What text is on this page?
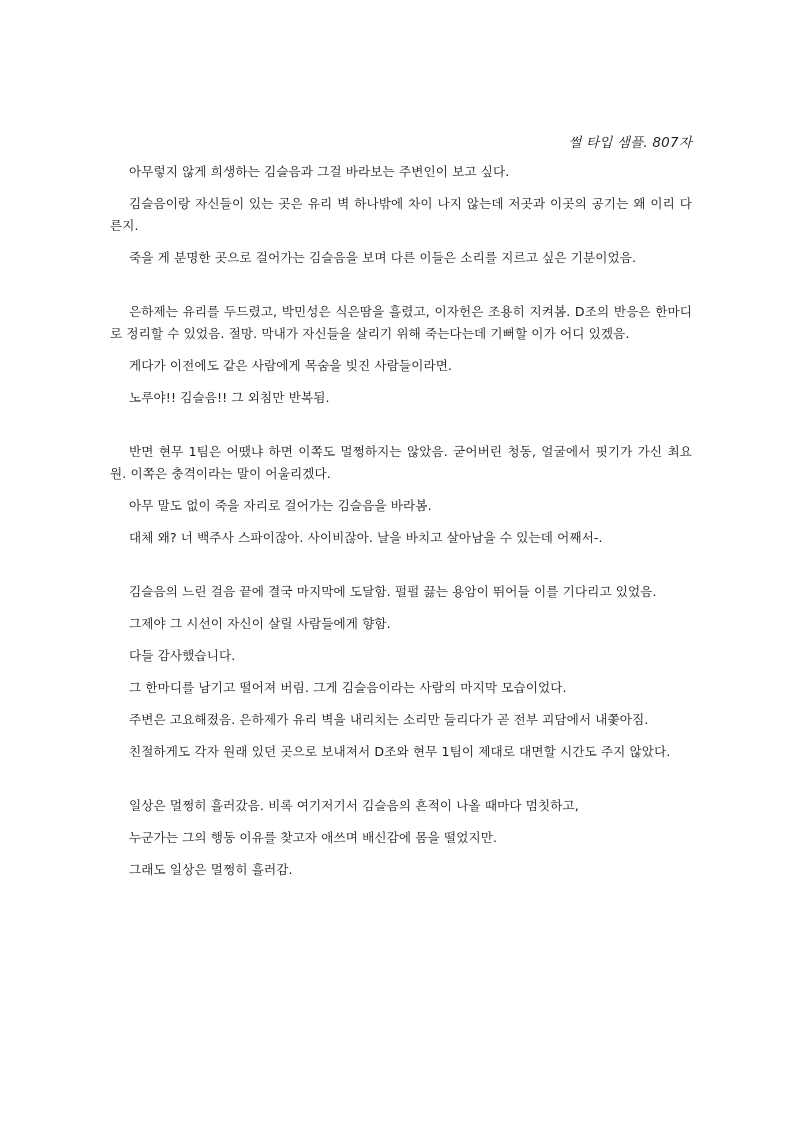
썰 타입 샘플. 807자

아무렇지 않게 희생하는 김슬음과 그걸 바라보는 주변인이 보고 싶다.

김슬음이랑 자신들이 있는 곳은 유리 벽 하나밖에 차이 나지 않는데 저곳과 이곳의 공기는 왜 이리 다른지.

죽을 게 분명한 곳으로 걸어가는 김슬음을 보며 다른 이들은 소리를 지르고 싶은 기분이었음.

은하제는 유리를 두드렸고, 박민성은 식은땀을 흘렸고, 이자헌은 조용히 지켜봄. D조의 반응은 한마디로 정리할 수 있었음. 절망. 막내가 자신들을 살리기 위해 죽는다는데 기뻐할 이가 어디 있겠음.

게다가 이전에도 같은 사람에게 목숨을 빚진 사람들이라면.

노루야!! 김슬음!! 그 외침만 반복됨.

반면 현무 1팀은 어땠냐 하면 이쪽도 멀쩡하지는 않았음. 굳어버린 청동, 얼굴에서 핏기가 가신 최요원. 이쪽은 충격이라는 말이 어울리겠다.

아무 말도 없이 죽을 자리로 걸어가는 김슬음을 바라봄.

대체 왜? 너 백주사 스파이잖아. 사이비잖아. 날을 바치고 살아남을 수 있는데 어째서-.

김슬음의 느린 걸음 끝에 결국 마지막에 도달함. 펄펄 끓는 용암이 뛰어들 이를 기다리고 있었음.

그제야 그 시선이 자신이 살릴 사람들에게 향함.

다들 감사했습니다.

그 한마디를 남기고 떨어져 버림. 그게 김슬음이라는 사람의 마지막 모습이었다.

주변은 고요해졌음. 은하제가 유리 벽을 내리치는 소리만 들리다가 곧 전부 괴담에서 내쫓아짐.

친절하게도 각자 원래 있던 곳으로 보내져서 D조와 현무 1팀이 제대로 대면할 시간도 주지 않았다.

일상은 멀쩡히 흘러갔음. 비록 여기저기서 김슬음의 흔적이 나올 때마다 멈칫하고,

누군가는 그의 행동 이유를 찾고자 애쓰며 배신감에 몸을 떨었지만.

그래도 일상은 멀쩡히 흘러감.
